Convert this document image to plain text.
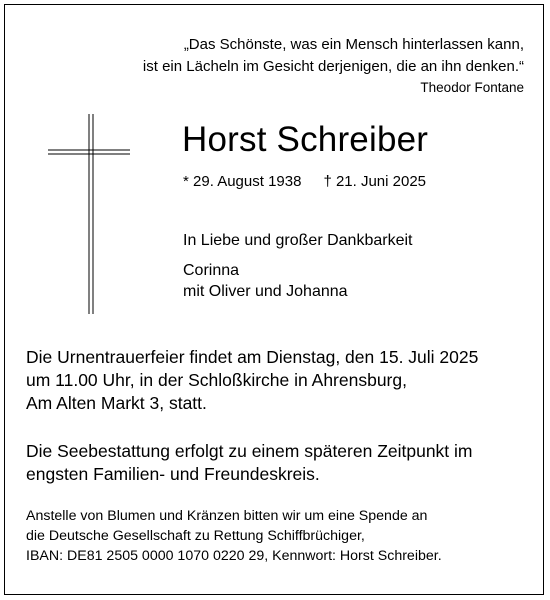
„Das Schönste, was ein Mensch hinterlassen kann,
ist ein Lächeln im Gesicht derjenigen, die an ihn denken.“
Theodor Fontane
Horst Schreiber
* 29. August 1938 † 21. Juni 2025
In Liebe und großer Dankbarkeit
Corinna
mit Oliver und Johanna
Die Urnentrauerfeier findet am Dienstag, den 15. Juli 2025
um 11.00 Uhr, in der Schloßkirche in Ahrensburg,
Am Alten Markt 3, statt.
Die Seebestattung erfolgt zu einem späteren Zeitpunkt im
engsten Familien- und Freundeskreis.
Anstelle von Blumen und Kränzen bitten wir um eine Spende an
die Deutsche Gesellschaft zu Rettung Schiffbrüchiger,
IBAN: DE81 2505 0000 1070 0220 29, Kennwort: Horst Schreiber.
